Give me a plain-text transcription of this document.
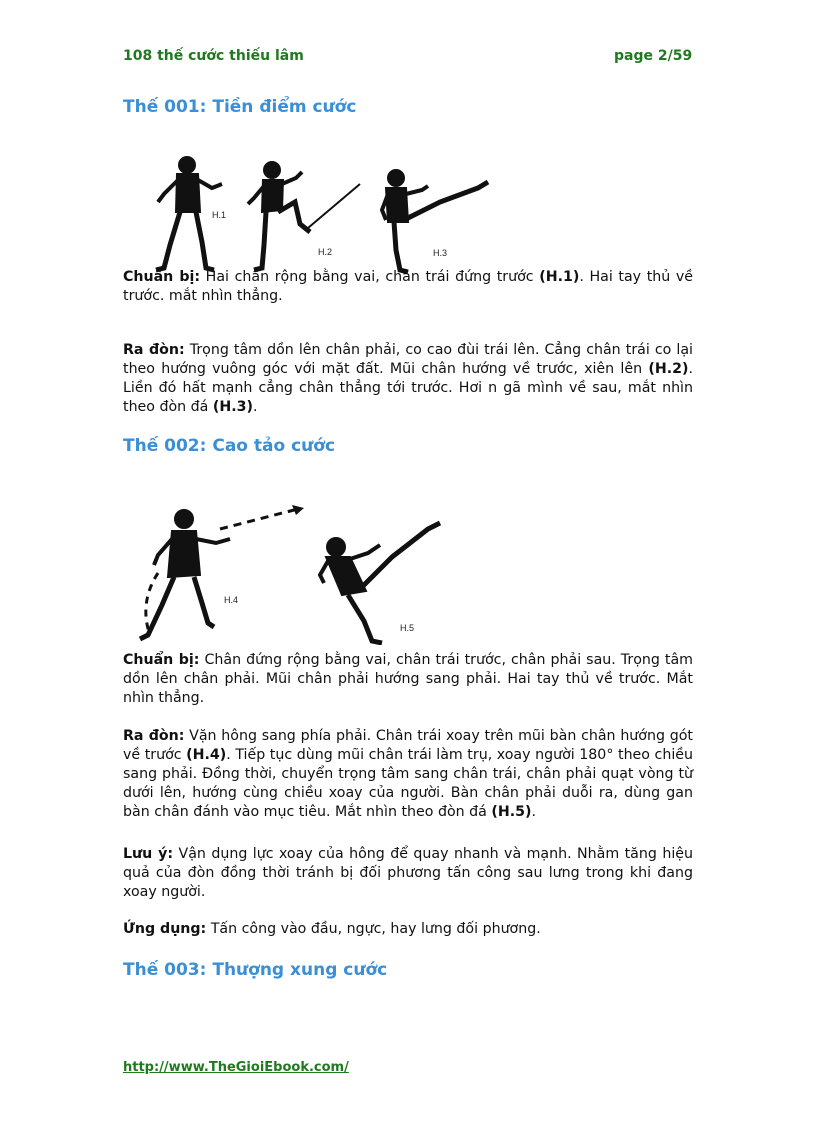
108 thế cước thiếu lâm	page 2/59
Thế 001: Tiền điểm cước
H.1
H.2	H.3

Chuẩn bị: Hai chân rộng bằng vai, chân trái đứng trước (H.1). Hai tay thủ về trước. mắt nhìn thẳng.

Ra đòn: Trọng tâm dồn lên chân phải, co cao đùi trái lên. Cẳng chân trái co lại theo hướng vuông góc với mặt đất. Mũi chân hướng về trước, xiên lên (H.2). Liền đó hất mạnh cẳng chân thẳng tới trước. Hơi n gã mình về sau, mắt nhìn theo đòn đá (H.3).

Thế 002: Cao tảo cước
H.4
H.5

Chuẩn bị: Chân đứng rộng bằng vai, chân trái trước, chân phải sau. Trọng tâm dồn lên chân phải. Mũi chân phải hướng sang phải. Hai tay thủ về trước. Mắt nhìn thẳng.

Ra đòn: Vặn hông sang phía phải. Chân trái xoay trên mũi bàn chân hướng gót về trước (H.4). Tiếp tục dùng mũi chân trái làm trụ, xoay người 180° theo chiều sang phải. Đồng thời, chuyển trọng tâm sang chân trái, chân phải quạt vòng từ dưới lên, hướng cùng chiều xoay của người. Bàn chân phải duỗi ra, dùng gan bàn chân đánh vào mục tiêu. Mắt nhìn theo đòn đá (H.5).

Lưu ý: Vận dụng lực xoay của hông để quay nhanh và mạnh. Nhằm tăng hiệu quả của đòn đồng thời tránh bị đối phương tấn công sau lưng trong khi đang xoay người.

Ứng dụng: Tấn công vào đầu, ngực, hay lưng đối phương.

Thế 003: Thượng xung cước
http://www.TheGioiEbook.com/
